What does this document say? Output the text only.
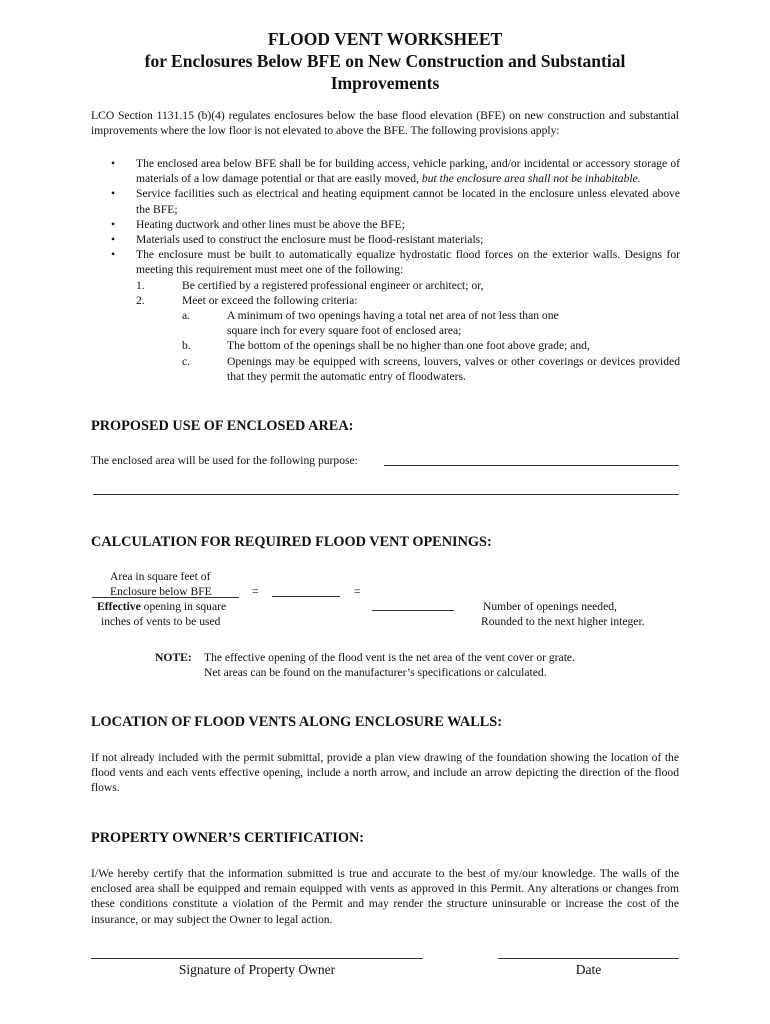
FLOOD VENT WORKSHEET
for Enclosures Below BFE on New Construction and Substantial
Improvements
LCO Section 1131.15 (b)(4) regulates enclosures below the base flood elevation (BFE) on new construction and substantial improvements where the low floor is not elevated to above the BFE. The following provisions apply:
• The enclosed area below BFE shall be for building access, vehicle parking, and/or incidental or accessory storage of materials of a low damage potential or that are easily moved, but the enclosure area shall not be inhabitable.
• Service facilities such as electrical and heating equipment cannot be located in the enclosure unless elevated above the BFE;
• Heating ductwork and other lines must be above the BFE;
• Materials used to construct the enclosure must be flood-resistant materials;
• The enclosure must be built to automatically equalize hydrostatic flood forces on the exterior walls. Designs for meeting this requirement must meet one of the following:
1.	Be certified by a registered professional engineer or architect; or,
2.	Meet or exceed the following criteria:
a.	A minimum of two openings having a total net area of not less than one
square inch for every square foot of enclosed area;
b.	The bottom of the openings shall be no higher than one foot above grade; and,
c.	Openings may be equipped with screens, louvers, valves or other coverings or devices provided that they permit the automatic entry of floodwaters.
PROPOSED USE OF ENCLOSED AREA:
The enclosed area will be used for the following purpose:
CALCULATION FOR REQUIRED FLOOD VENT OPENINGS:
Area in square feet of
Enclosure below BFE
Effective opening in square
inches of vents to be used
=	=
Number of openings needed,
Rounded to the next higher integer.
NOTE: The effective opening of the flood vent is the net area of the vent cover or grate.
Net areas can be found on the manufacturer’s specifications or calculated.
LOCATION OF FLOOD VENTS ALONG ENCLOSURE WALLS:
If not already included with the permit submittal, provide a plan view drawing of the foundation showing the location of the flood vents and each vents effective opening, include a north arrow, and include an arrow depicting the direction of the flood flows.
PROPERTY OWNER’S CERTIFICATION:
I/We hereby certify that the information submitted is true and accurate to the best of my/our knowledge. The walls of the enclosed area shall be equipped and remain equipped with vents as approved in this Permit. Any alterations or changes from these conditions constitute a violation of the Permit and may render the structure uninsurable or increase the cost of the insurance, or may subject the Owner to legal action.
Signature of Property Owner	Date
